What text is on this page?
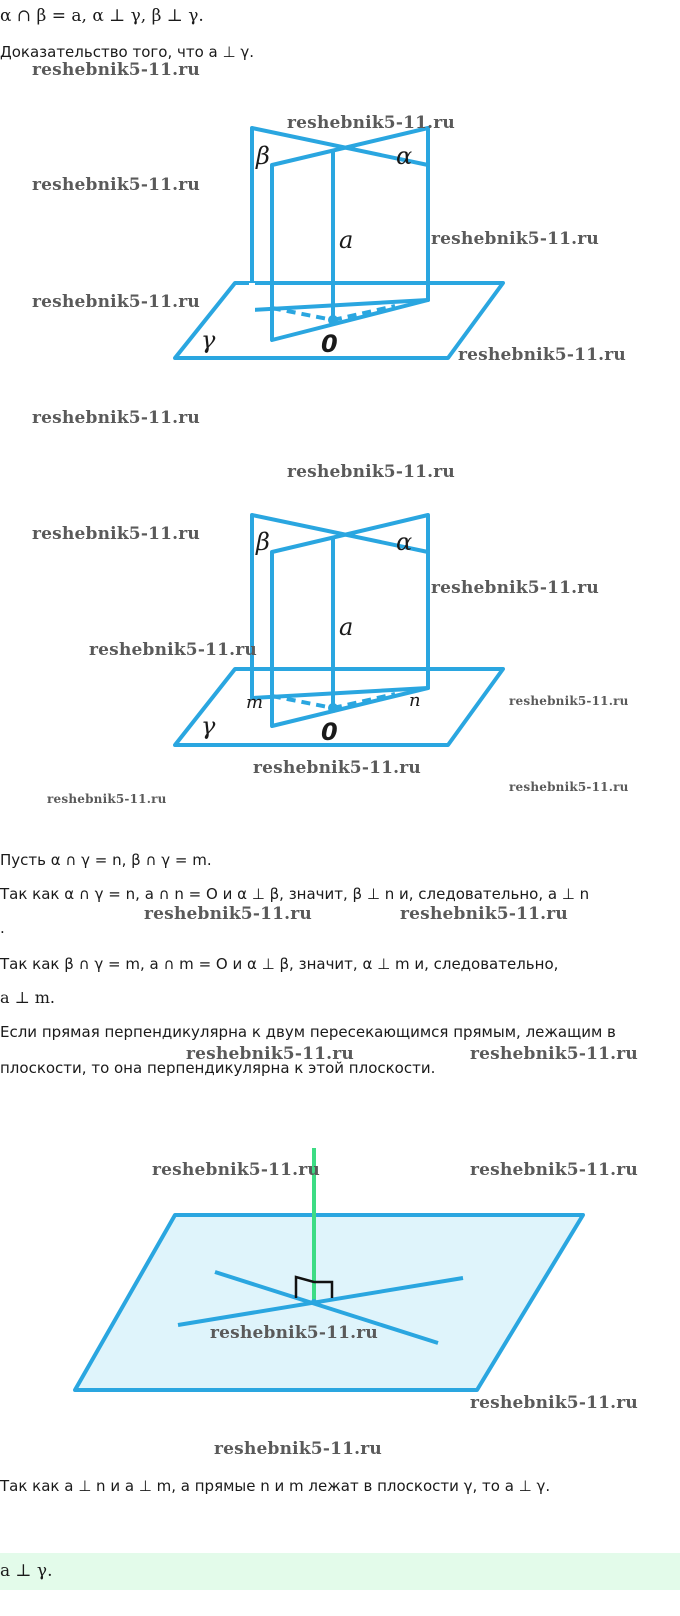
α ∩ β = a, α ⊥ γ, β ⊥ γ.
Доказательство того, что a ⊥ γ.
β	α
a
γ	0
β	α
a
γ
m	n
0
Пусть α ∩ γ = n, β ∩ γ = m.
Так как α ∩ γ = n, a ∩ n = O и α ⊥ β, значит, β ⊥ n и, следовательно, a ⊥ n
.
Так как β ∩ γ = m, a ∩ m = O и α ⊥ β, значит, α ⊥ m и, следовательно,
a ⊥ m.
Если прямая перпендикулярна к двум пересекающимся прямым, лежащим в
плоскости, то она перпендикулярна к этой плоскости.
Так как a ⊥ n и a ⊥ m, а прямые n и m лежат в плоскости γ, то a ⊥ γ.
a ⊥ γ.
reshebnik5-11.ru
reshebnik5-11.ru
reshebnik5-11.ru
reshebnik5-11.ru
reshebnik5-11.ru
reshebnik5-11.ru
reshebnik5-11.ru
reshebnik5-11.ru
reshebnik5-11.ru
reshebnik5-11.ru
reshebnik5-11.ru
reshebnik5-11.ru
reshebnik5-11.ru
reshebnik5-11.ru
reshebnik5-11.ru
reshebnik5-11.ru	reshebnik5-11.ru
reshebnik5-11.ru	reshebnik5-11.ru
reshebnik5-11.ru	reshebnik5-11.ru
reshebnik5-11.ru
reshebnik5-11.ru
reshebnik5-11.ru
